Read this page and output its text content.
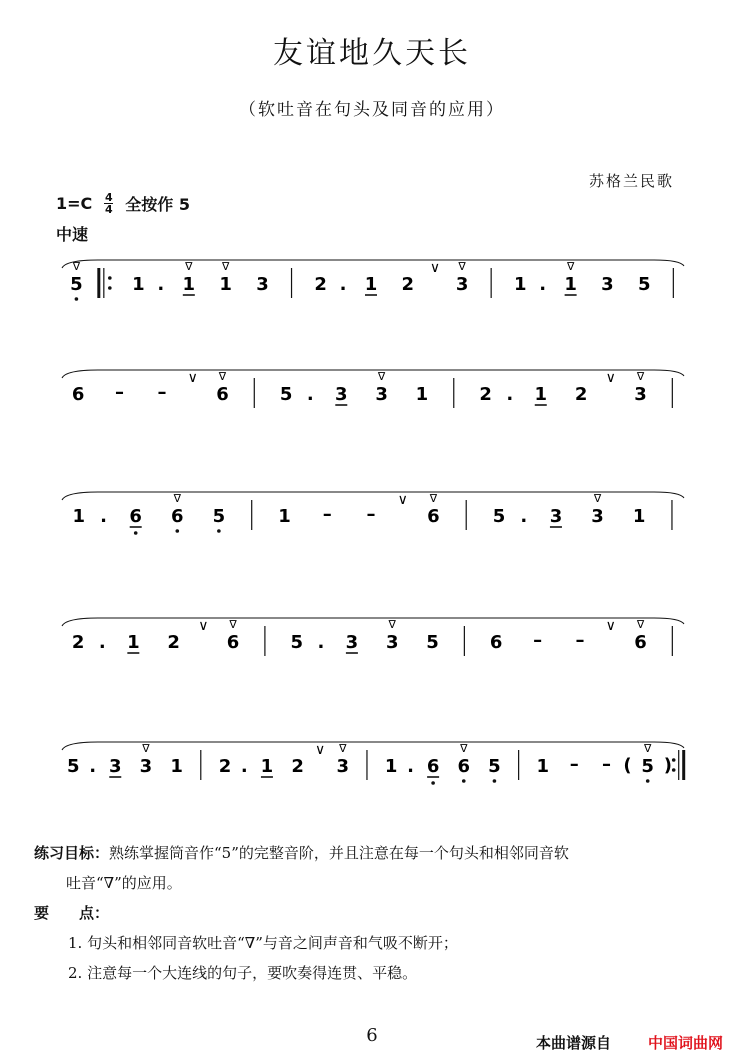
友谊地久天长
（软吐音在句头及同音的应用）
苏格兰民歌
1=C 4
4 全按作 5
中速
5
∇
1 . 1
∇
1
∇
3	2 . 1 2
∨
3
∇
1 . 1
∇
3 5
6 – –
∨
6
∇
5 . 3 3
∇
1	2 . 1 2
∨
3
∇
1 . 6 6
∇
5	1 – –
∨
6
∇
5 . 3 3
∇
1
2 . 1 2
∨
6
∇
5 . 3 3
∇
5	6 – –
∨
6
∇
5 . 3 3
∇
1 2 . 1 2
∨
3
∇
1 . 6 6
∇
5 1 – – ( 5
∇
)
练习目标：熟练掌握筒音作“5”的完整音阶，并且注意在每一个句头和相邻同音软
吐音“∇”的应用。
要　　点：
1. 句头和相邻同音软吐音“∇”与音之间声音和气吸不断开；
2. 注意每一个大连线的句子，要吹奏得连贯、平稳。
6	本曲谱源自 中国词曲网
